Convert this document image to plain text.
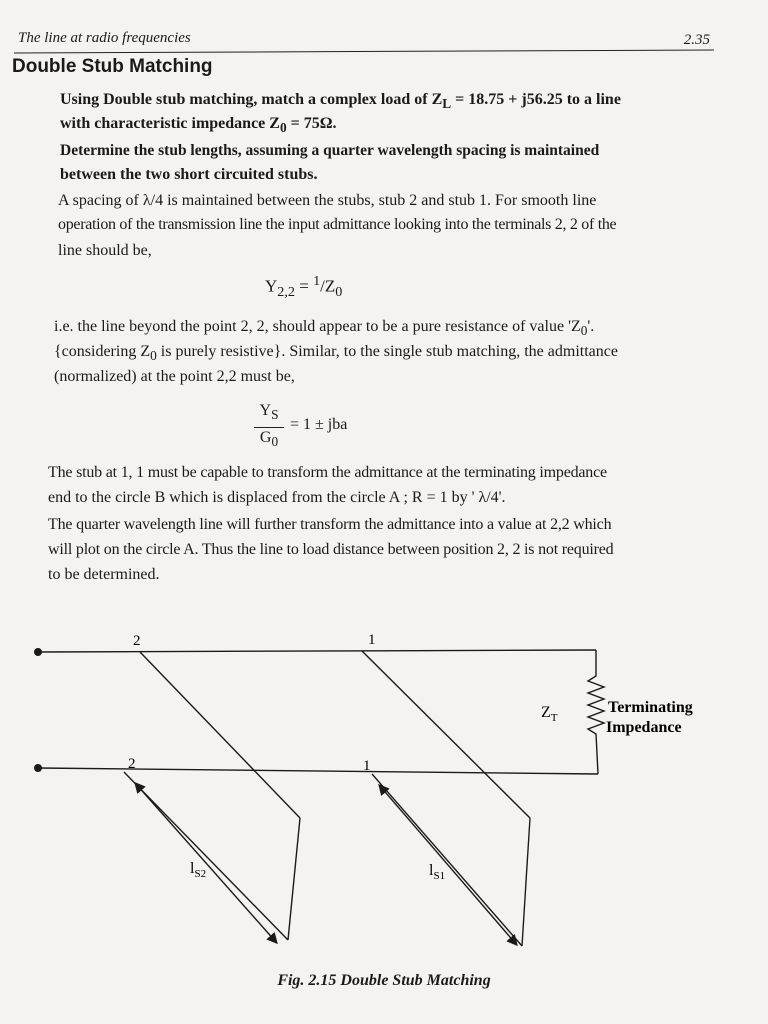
The line at radio frequencies	2.35
Double Stub Matching
Using Double stub matching, match a complex load of $Z_L = 18.75 + j56.25$ to a line
with characteristic impedance $Z_0 = 75\Omega$.
Determine the stub lengths, assuming a quarter wavelength spacing is maintained
between the two short circuited stubs.
A spacing of λ/4 is maintained between the stubs, stub 2 and stub 1. For smooth line
operation of the transmission line the input admittance looking into the terminals 2, 2 of the
line should be,
$Y_{2,2} = ^1/Z_0$
i.e. the line beyond the point 2, 2, should appear to be a pure resistance of value '$Z_0$'.
{considering $Z_0$ is purely resistive}. Similar, to the single stub matching, the admittance
(normalized) at the point 2,2 must be,
$Y_S$
$G_0$
= 1 ± jba
The stub at 1, 1 must be capable to transform the admittance at the terminating impedance
end to the circle B which is displaced from the circle A ; R = 1 by ' λ/4'.
The quarter wavelength line will further transform the admittance into a value at 2,2 which
will plot on the circle A. Thus the line to load distance between position 2, 2 is not required
to be determined.
2	1
2	1
$Z_T$
Terminating
Impedance
$l_{S2}$	$l_{S1}$
Fig. 2.15 Double Stub Matching
